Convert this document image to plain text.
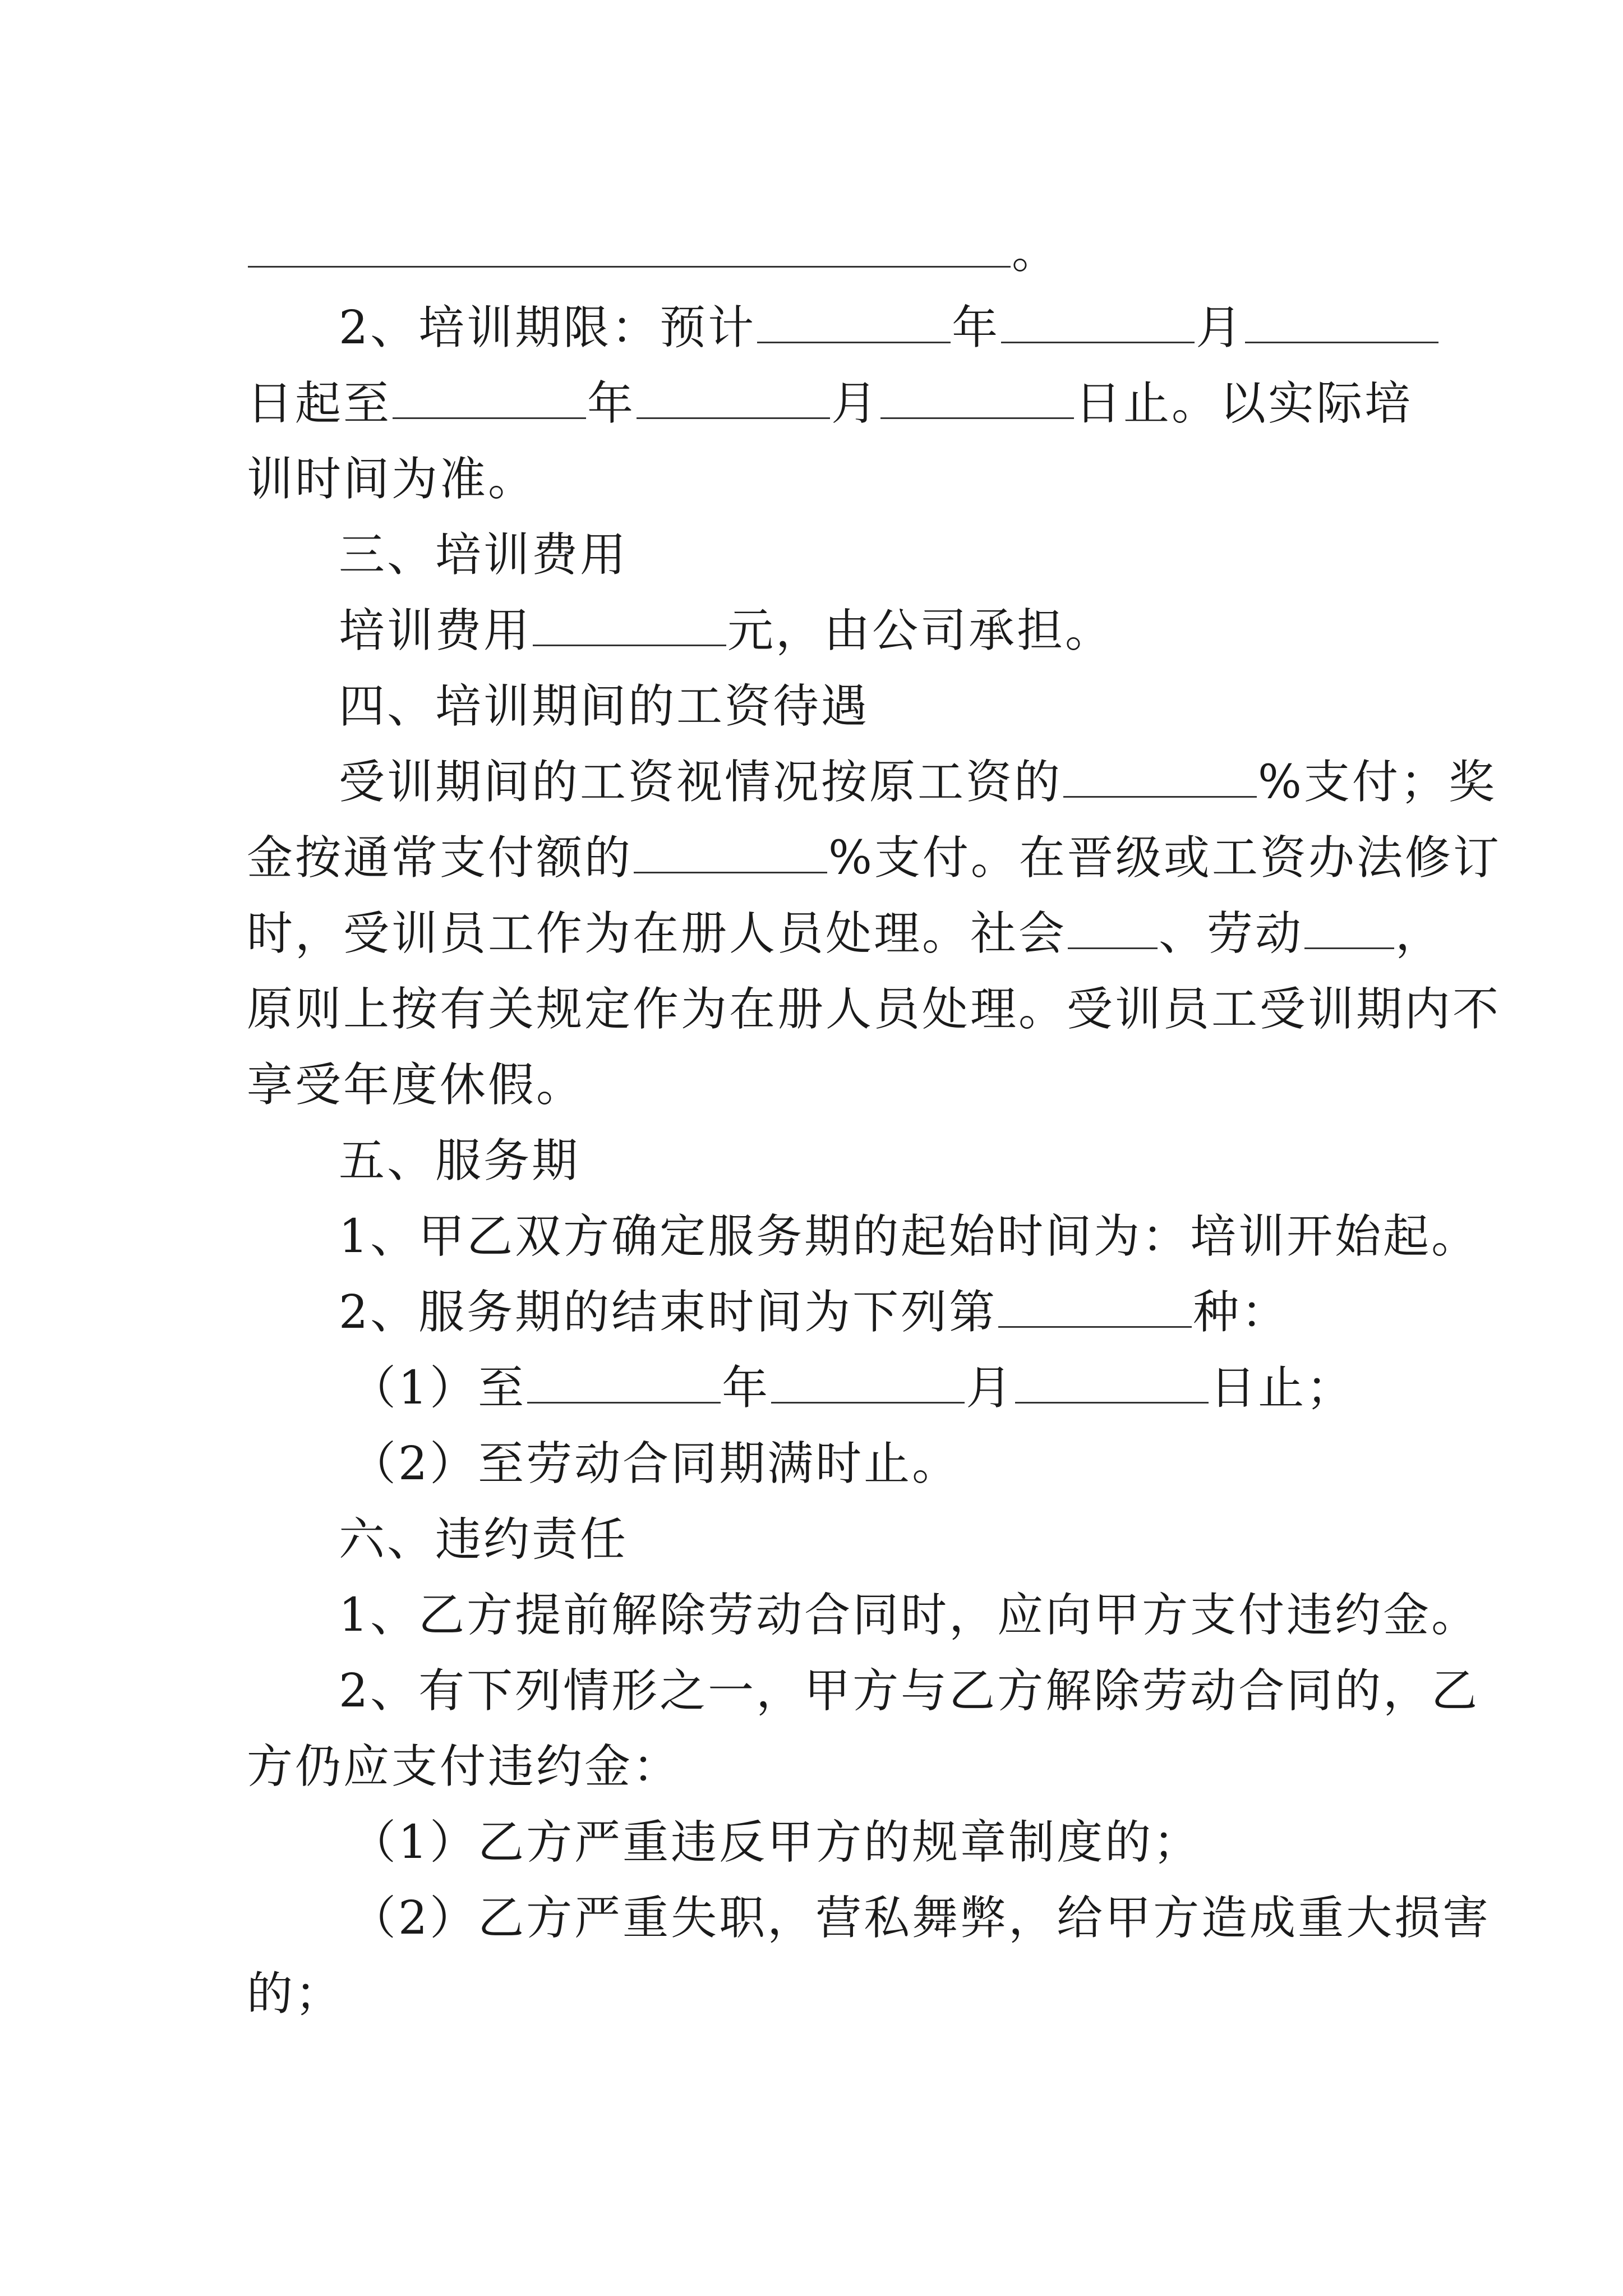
。
2、培训期限：预计	年	月
日起至	年	月	日止。以实际培
训时间为准。
三、培训费用
培训费用	元，由公司承担。
四、培训期间的工资待遇
受训期间的工资视情况按原工资的	%支付；奖
金按通常支付额的	%支付。在晋级或工资办法修订
时，受训员工作为在册人员处理。社会 、劳动 ，
原则上按有关规定作为在册人员处理。受训员工受训期内不
享受年度休假。
五、服务期
1、甲乙双方确定服务期的起始时间为：培训开始起。
2、服务期的结束时间为下列第	种：
（1）至	年	月	日止；
（2）至劳动合同期满时止。
六、违约责任
1、乙方提前解除劳动合同时，应向甲方支付违约金。
2、有下列情形之一，甲方与乙方解除劳动合同的，乙
方仍应支付违约金：
（1）乙方严重违反甲方的规章制度的；
（2）乙方严重失职，营私舞弊，给甲方造成重大损害
的；
